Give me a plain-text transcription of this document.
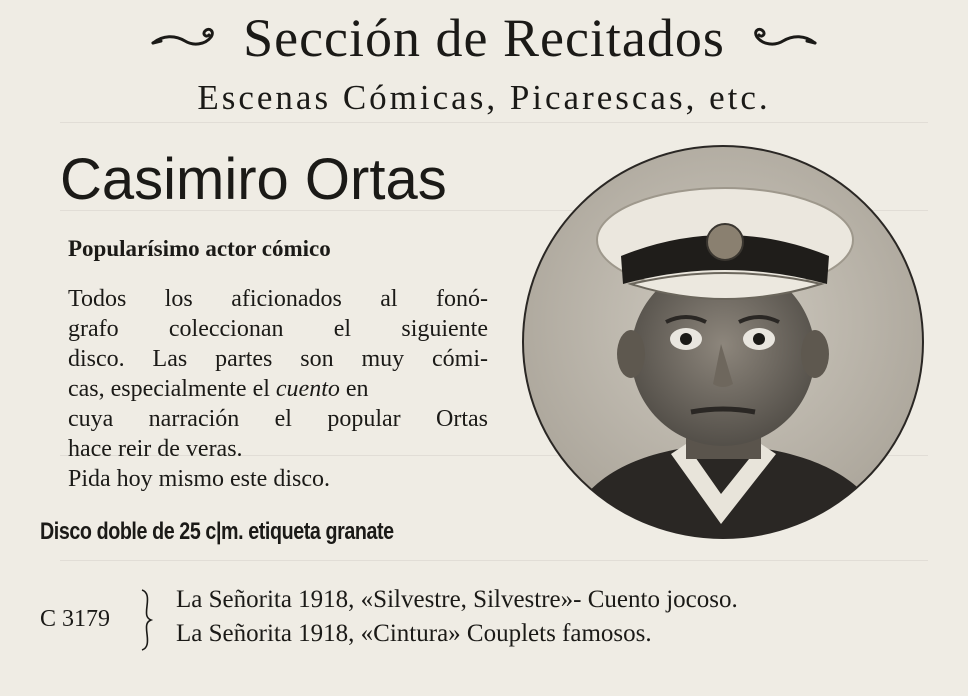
Sección de Recitados
Escenas Cómicas, Picarescas, etc.
Casimiro Ortas
Popularísimo actor cómico
Todos los aficionados al fonó-
grafo coleccionan el siguiente
disco. Las partes son muy cómi-
cas, especialmente el cuento en
cuya narración el popular Ortas
hace reir de veras.
Pida hoy mismo este disco.
Disco doble de 25 c|m. etiqueta granate
C 3179
La Señorita 1918, «Silvestre, Silvestre»- Cuento jocoso.
La Señorita 1918, «Cintura» Couplets famosos.
